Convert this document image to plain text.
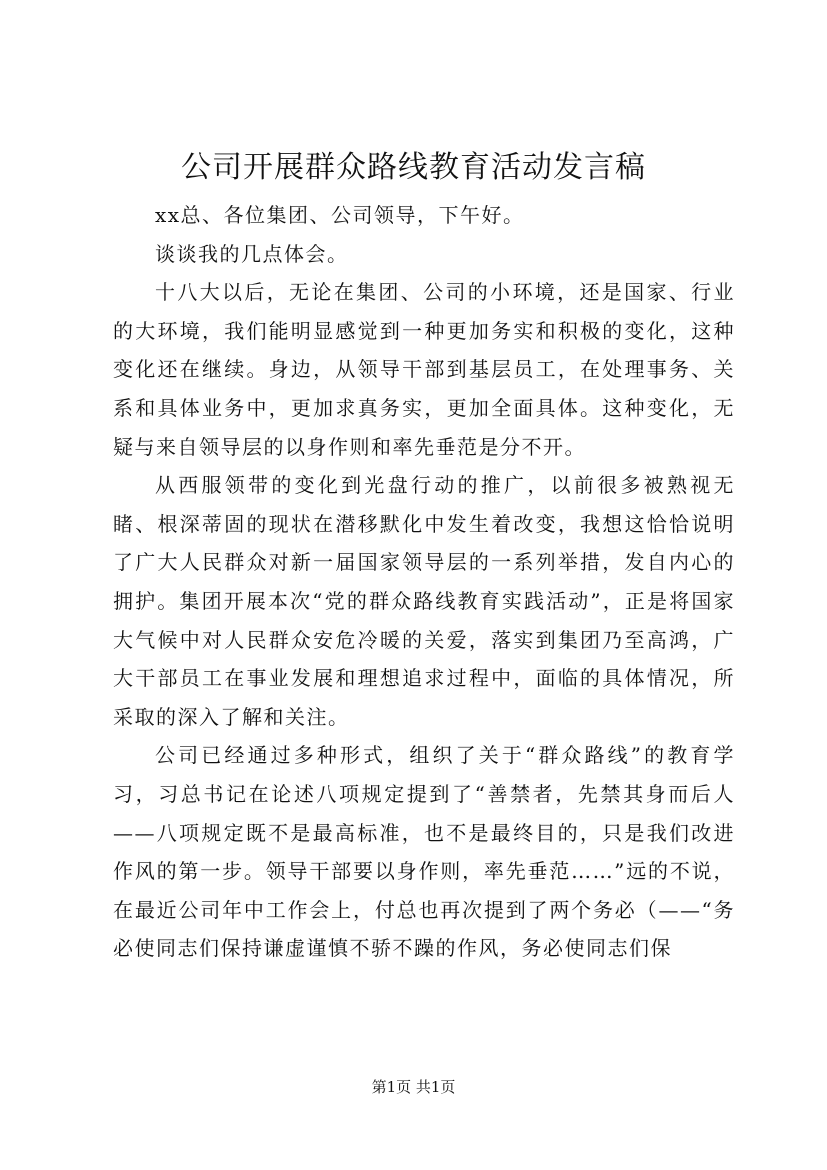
公司开展群众路线教育活动发言稿

xx总、各位集团、公司领导，下午好。

谈谈我的几点体会。

十八大以后，无论在集团、公司的小环境，还是国家、行业的大环境，我们能明显感觉到一种更加务实和积极的变化，这种变化还在继续。身边，从领导干部到基层员工，在处理事务、关系和具体业务中，更加求真务实，更加全面具体。这种变化，无疑与来自领导层的以身作则和率先垂范是分不开。

从西服领带的变化到光盘行动的推广，以前很多被熟视无睹、根深蒂固的现状在潜移默化中发生着改变，我想这恰恰说明了广大人民群众对新一届国家领导层的一系列举措，发自内心的拥护。集团开展本次“党的群众路线教育实践活动”，正是将国家大气候中对人民群众安危冷暖的关爱，落实到集团乃至高鸿，广大干部员工在事业发展和理想追求过程中，面临的具体情况，所采取的深入了解和关注。

公司已经通过多种形式，组织了关于“群众路线”的教育学习，习总书记在论述八项规定提到了“善禁者，先禁其身而后人——八项规定既不是最高标准，也不是最终目的，只是我们改进作风的第一步。领导干部要以身作则，率先垂范……”远的不说，在最近公司年中工作会上，付总也再次提到了两个务必（——“务必使同志们保持谦虚谨慎不骄不躁的作风，务必使同志们保

第1页 共1页
